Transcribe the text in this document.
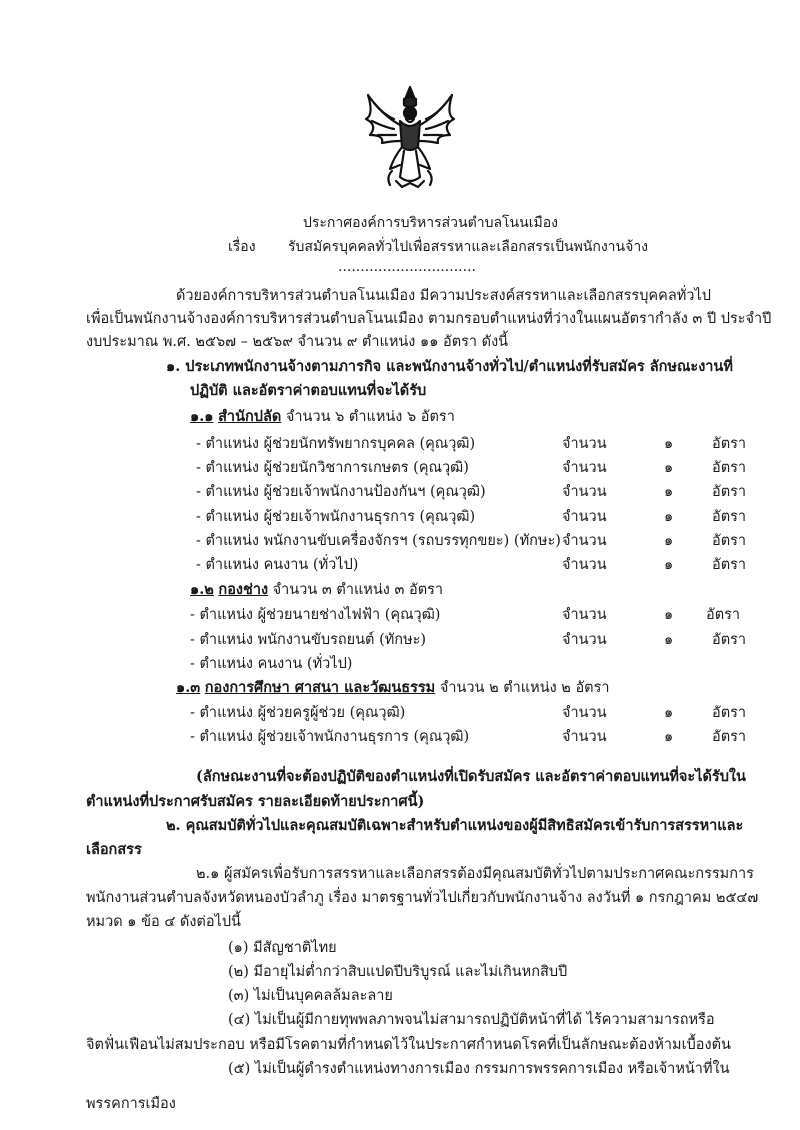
ประกาศองค์การบริหารส่วนตำบลโนนเมือง
เรื่อง รับสมัครบุคคลทั่วไปเพื่อสรรหาและเลือกสรรเป็นพนักงานจ้าง
...............................
ด้วยองค์การบริหารส่วนตำบลโนนเมือง มีความประสงค์สรรหาและเลือกสรรบุคคลทั่วไป
เพื่อเป็นพนักงานจ้างองค์การบริหารส่วนตำบลโนนเมือง ตามกรอบตำแหน่งที่ว่างในแผนอัตรากำลัง ๓ ปี ประจำปี
งบประมาณ พ.ศ. ๒๕๖๗ – ๒๕๖๙ จำนวน ๙ ตำแหน่ง ๑๑ อัตรา ดังนี้
๑. ประเภทพนักงานจ้างตามภารกิจ และพนักงานจ้างทั่วไป/ตำแหน่งที่รับสมัคร ลักษณะงานที่
ปฏิบัติ และอัตราค่าตอบแทนที่จะได้รับ
๑.๑ สำนักปลัด จำนวน ๖ ตำแหน่ง ๖ อัตรา
- ตำแหน่ง ผู้ช่วยนักทรัพยากรบุคคล (คุณวุฒิ)	จำนวน	๑	อัตรา
- ตำแหน่ง ผู้ช่วยนักวิชาการเกษตร (คุณวุฒิ)	จำนวน	๑	อัตรา
- ตำแหน่ง ผู้ช่วยเจ้าพนักงานป้องกันฯ (คุณวุฒิ)	จำนวน	๑	อัตรา
- ตำแหน่ง ผู้ช่วยเจ้าพนักงานธุรการ (คุณวุฒิ)	จำนวน	๑	อัตรา
- ตำแหน่ง พนักงานขับเครื่องจักรฯ (รถบรรทุกขยะ) (ทักษะ) จำนวน	๑	อัตรา
- ตำแหน่ง คนงาน (ทั่วไป)	จำนวน	๑	อัตรา
๑.๒ กองช่าง จำนวน ๓ ตำแหน่ง ๓ อัตรา
- ตำแหน่ง ผู้ช่วยนายช่างไฟฟ้า (คุณวุฒิ)	จำนวน	๑ อัตรา
- ตำแหน่ง พนักงานขับรถยนต์ (ทักษะ)	จำนวน	๑	อัตรา
- ตำแหน่ง คนงาน (ทั่วไป)
๑.๓ กองการศึกษา ศาสนา และวัฒนธรรม จำนวน ๒ ตำแหน่ง ๒ อัตรา
- ตำแหน่ง ผู้ช่วยครูผู้ช่วย (คุณวุฒิ)	จำนวน	๑	อัตรา
- ตำแหน่ง ผู้ช่วยเจ้าพนักงานธุรการ (คุณวุฒิ)	จำนวน	๑	อัตรา
(ลักษณะงานที่จะต้องปฏิบัติของตำแหน่งที่เปิดรับสมัคร และอัตราค่าตอบแทนที่จะได้รับใน
ตำแหน่งที่ประกาศรับสมัคร รายละเอียดท้ายประกาศนี้)
๒. คุณสมบัติทั่วไปและคุณสมบัติเฉพาะสำหรับตำแหน่งของผู้มีสิทธิสมัครเข้ารับการสรรหาและ
เลือกสรร
๒.๑ ผู้สมัครเพื่อรับการสรรหาและเลือกสรรต้องมีคุณสมบัติทั่วไปตามประกาศคณะกรรมการ
พนักงานส่วนตำบลจังหวัดหนองบัวลำภู เรื่อง มาตรฐานทั่วไปเกี่ยวกับพนักงานจ้าง ลงวันที่ ๑ กรกฎาคม ๒๕๔๗
หมวด ๑ ข้อ ๔ ดังต่อไปนี้
(๑) มีสัญชาติไทย
(๒) มีอายุไม่ต่ำกว่าสิบแปดปีบริบูรณ์ และไม่เกินหกสิบปี
(๓) ไม่เป็นบุคคลล้มละลาย
(๔) ไม่เป็นผู้มีกายทุพพลภาพจนไม่สามารถปฏิบัติหน้าที่ได้ ไร้ความสามารถหรือ
จิตฟั่นเฟือนไม่สมประกอบ หรือมีโรคตามที่กำหนดไว้ในประกาศกำหนดโรคที่เป็นลักษณะต้องห้ามเบื้องต้น
(๕) ไม่เป็นผู้ดำรงตำแหน่งทางการเมือง กรรมการพรรคการเมือง หรือเจ้าหน้าที่ใน
พรรคการเมือง
